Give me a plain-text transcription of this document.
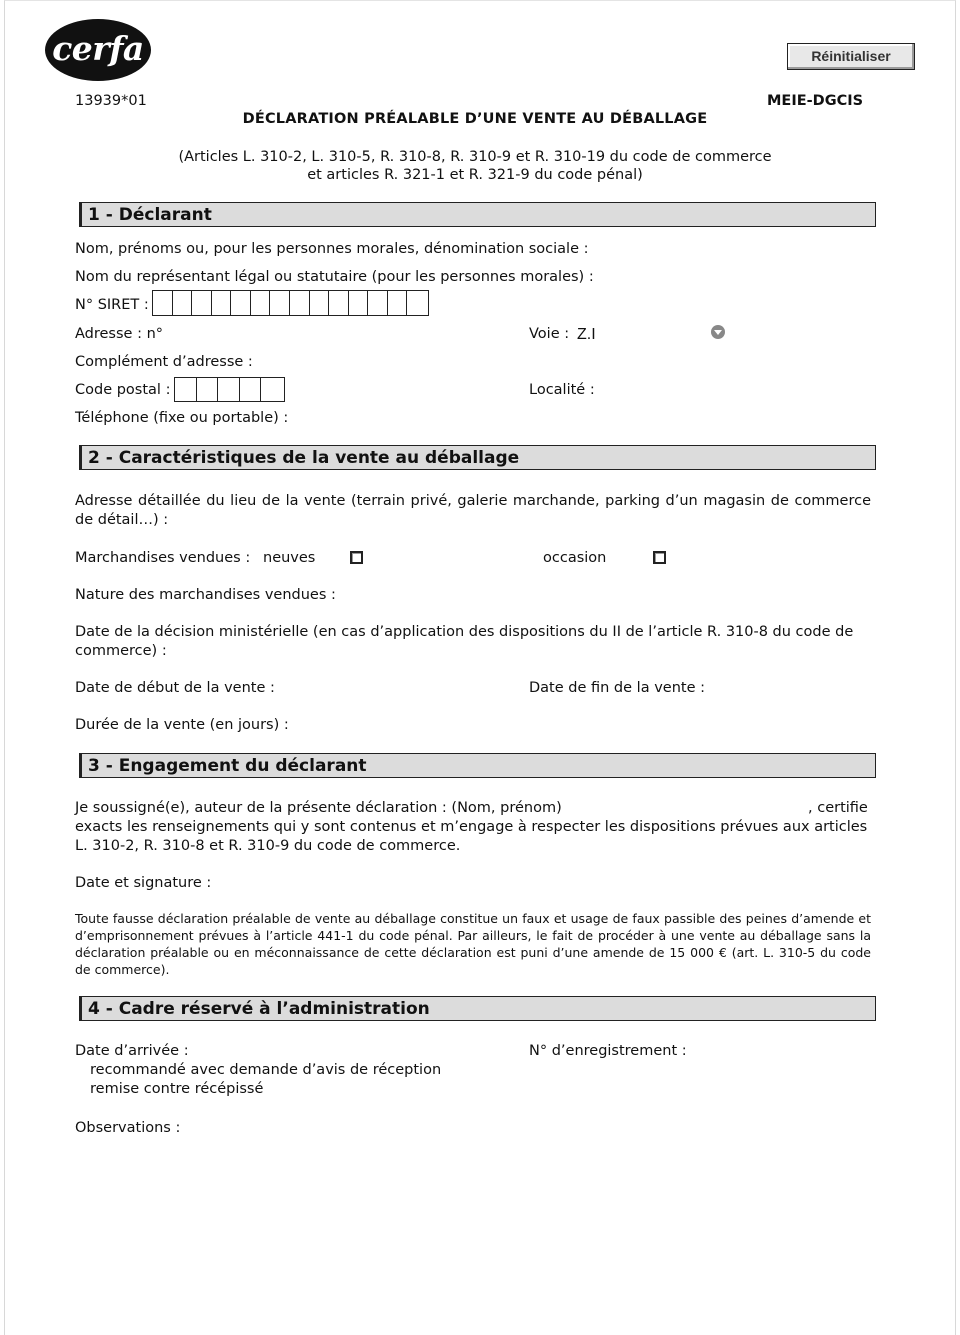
cerfa	Réinitialiser
13939*01	MEIE-DGCIS
DÉCLARATION PRÉALABLE D’UNE VENTE AU DÉBALLAGE
(Articles L. 310-2, L. 310-5, R. 310-8, R. 310-9 et R. 310-19 du code de commerce
et articles R. 321-1 et R. 321-9 du code pénal)
1 - Déclarant
Nom, prénoms ou, pour les personnes morales, dénomination sociale :
Nom du représentant légal ou statutaire (pour les personnes morales) :
N° SIRET :
Adresse : n°	Voie : Z.I
Complément d’adresse :
Code postal :	Localité :
Téléphone (fixe ou portable) :
2 - Caractéristiques de la vente au déballage
Adresse détaillée du lieu de la vente (terrain privé, galerie marchande, parking d’un magasin de commerce de détail…) :
Marchandises vendues : neuves	occasion
Nature des marchandises vendues :
Date de la décision ministérielle (en cas d’application des dispositions du II de l’article R. 310-8 du code de commerce) :
Date de début de la vente :	Date de fin de la vente :
Durée de la vente (en jours) :
3 - Engagement du déclarant
Je soussigné(e), auteur de la présente déclaration : (Nom, prénom)	, certifie
exacts les renseignements qui y sont contenus et m’engage à respecter les dispositions prévues aux articles L. 310-2, R. 310-8 et R. 310-9 du code de commerce.
Date et signature :
Toute fausse déclaration préalable de vente au déballage constitue un faux et usage de faux passible des peines d’amende et d’emprisonnement prévues à l’article 441-1 du code pénal. Par ailleurs, le fait de procéder à une vente au déballage sans la déclaration préalable ou en méconnaissance de cette déclaration est puni d’une amende de 15 000 € (art. L. 310-5 du code de commerce).
4 - Cadre réservé à l’administration
Date d’arrivée :	N° d’enregistrement :
recommandé avec demande d’avis de réception
remise contre récépissé
Observations :
